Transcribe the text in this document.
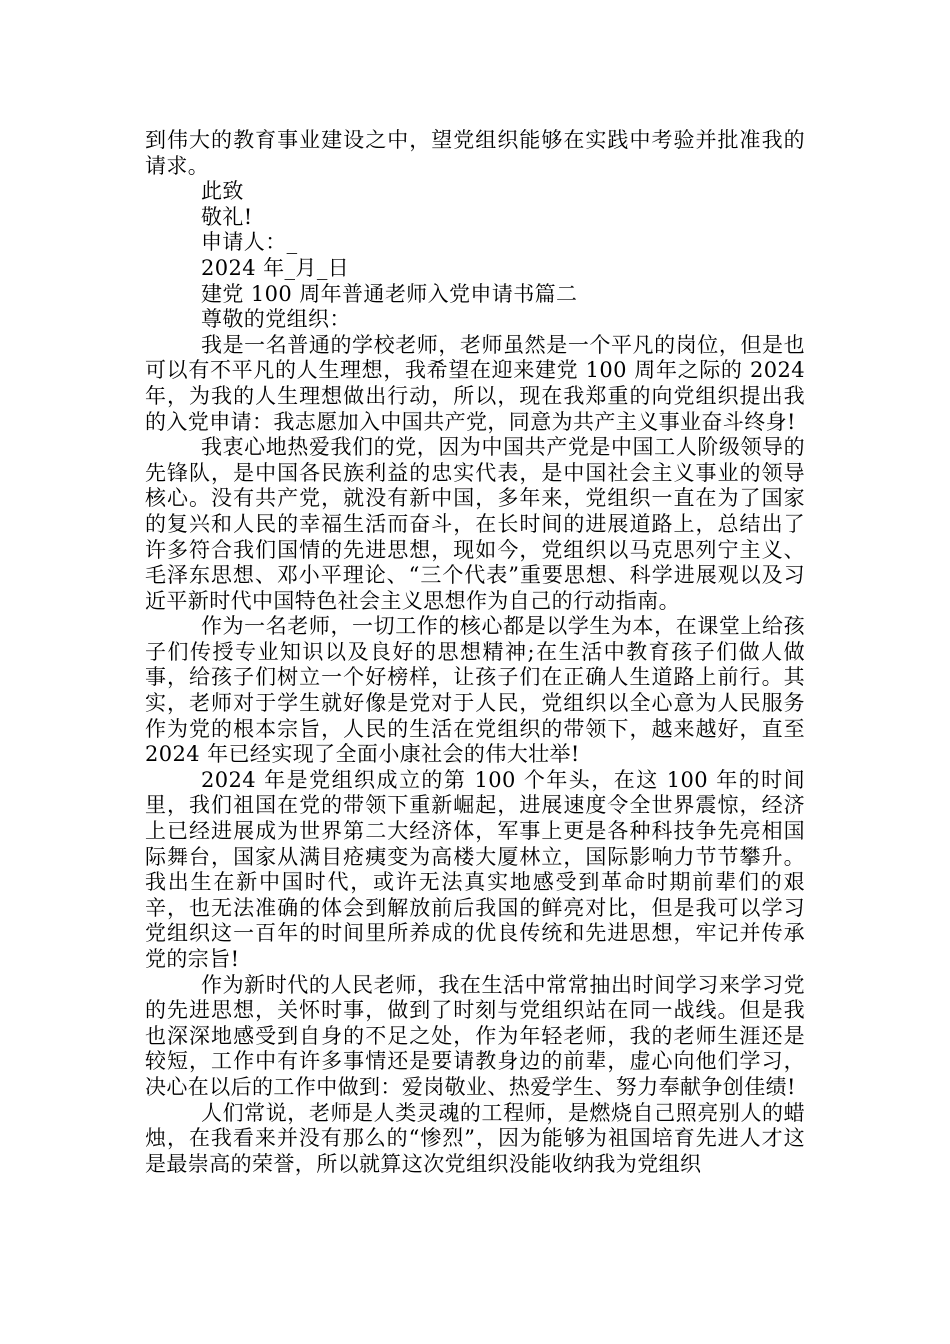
到伟大的教育事业建设之中，望党组织能够在实践中考验并批准我的请求。

此致

敬礼!

申请人：_

2024 年_月_日

建党 100 周年普通老师入党申请书篇二

尊敬的党组织：

我是一名普通的学校老师，老师虽然是一个平凡的岗位，但是也可以有不平凡的人生理想，我希望在迎来建党 100 周年之际的 2024 年，为我的人生理想做出行动，所以，现在我郑重的向党组织提出我的入党申请：我志愿加入中国共产党，同意为共产主义事业奋斗终身!

我衷心地热爱我们的党，因为中国共产党是中国工人阶级领导的先锋队，是中国各民族利益的忠实代表，是中国社会主义事业的领导核心。没有共产党，就没有新中国，多年来，党组织一直在为了国家的复兴和人民的幸福生活而奋斗，在长时间的进展道路上，总结出了许多符合我们国情的先进思想，现如今，党组织以马克思列宁主义、毛泽东思想、邓小平理论、“三个代表”重要思想、科学进展观以及习近平新时代中国特色社会主义思想作为自己的行动指南。

作为一名老师，一切工作的核心都是以学生为本，在课堂上给孩子们传授专业知识以及良好的思想精神;在生活中教育孩子们做人做事，给孩子们树立一个好榜样，让孩子们在正确人生道路上前行。其实，老师对于学生就好像是党对于人民，党组织以全心意为人民服务作为党的根本宗旨，人民的生活在党组织的带领下，越来越好，直至 2024 年已经实现了全面小康社会的伟大壮举!

2024 年是党组织成立的第 100 个年头，在这 100 年的时间里，我们祖国在党的带领下重新崛起，进展速度令全世界震惊，经济上已经进展成为世界第二大经济体，军事上更是各种科技争先亮相国际舞台，国家从满目疮痍变为高楼大厦林立，国际影响力节节攀升。我出生在新中国时代，或许无法真实地感受到革命时期前辈们的艰辛，也无法准确的体会到解放前后我国的鲜亮对比，但是我可以学习党组织这一百年的时间里所养成的优良传统和先进思想，牢记并传承党的宗旨!

作为新时代的人民老师，我在生活中常常抽出时间学习来学习党的先进思想，关怀时事，做到了时刻与党组织站在同一战线。但是我也深深地感受到自身的不足之处，作为年轻老师，我的老师生涯还是较短，工作中有许多事情还是要请教身边的前辈，虚心向他们学习，决心在以后的工作中做到：爱岗敬业、热爱学生、努力奉献争创佳绩!

人们常说，老师是人类灵魂的工程师，是燃烧自己照亮别人的蜡烛，在我看来并没有那么的“惨烈”，因为能够为祖国培育先进人才这是最崇高的荣誉，所以就算这次党组织没能收纳我为党组织
